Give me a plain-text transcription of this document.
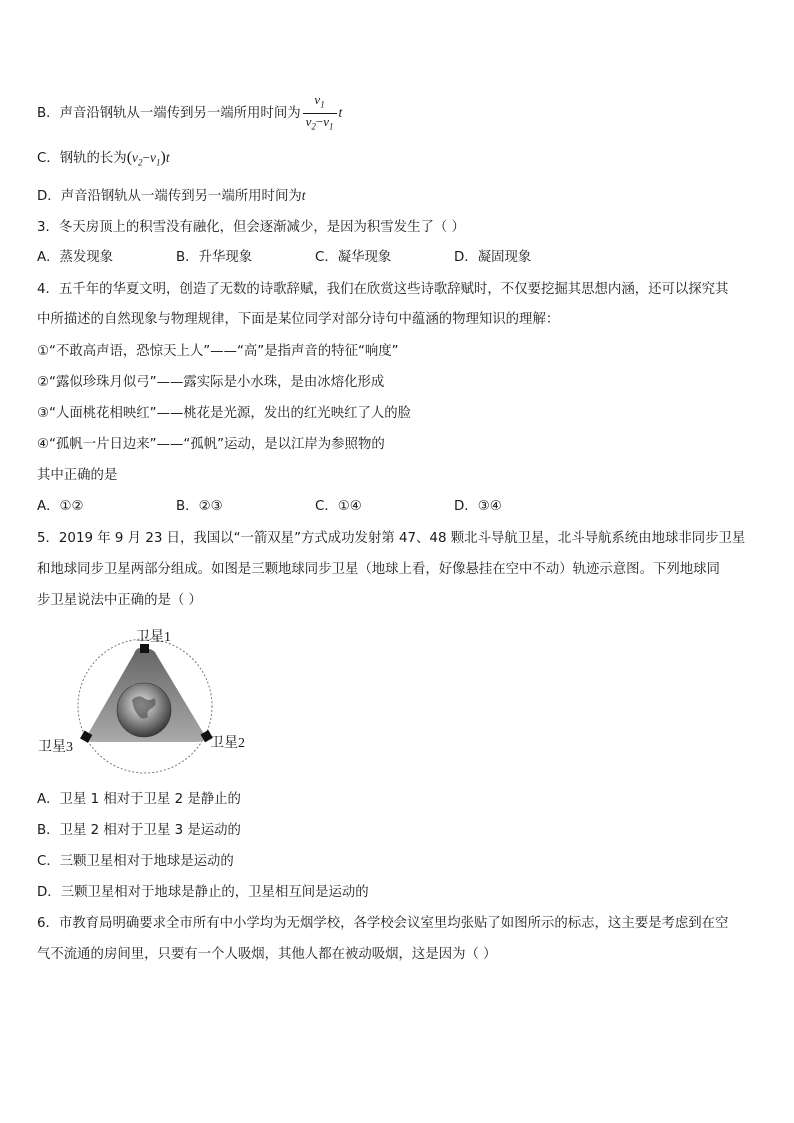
B．声音沿钢轨从一端传到另一端所用时间为 $\frac{v_1}{v_2-v_1}$ t
C．钢轨的长为$(v_2-v_1)t$
D．声音沿钢轨从一端传到另一端所用时间为t
3．冬天房顶上的积雪没有融化，但会逐渐减少，是因为积雪发生了（ ）
A．蒸发现象	B．升华现象	C．凝华现象	D．凝固现象
4．五千年的华夏文明，创造了无数的诗歌辞赋，我们在欣赏这些诗歌辞赋时，不仅要挖掘其思想内涵，还可以探究其
中所描述的自然现象与物理规律，下面是某位同学对部分诗句中蕴涵的物理知识的理解：
①“不敢高声语，恐惊天上人”——“高”是指声音的特征“响度”
②“露似珍珠月似弓”——露实际是小水珠，是由冰熔化形成
③“人面桃花相映红”——桃花是光源，发出的红光映红了人的脸
④“孤帆一片日边来”——“孤帆”运动，是以江岸为参照物的
其中正确的是
A．①②	B．②③	C．①④	D．③④
5．2019 年 9 月 23 日，我国以“一箭双星”方式成功发射第 47、48 颗北斗导航卫星，北斗导航系统由地球非同步卫星
和地球同步卫星两部分组成。如图是三颗地球同步卫星（地球上看，好像悬挂在空中不动）轨迹示意图。下列地球同
步卫星说法中正确的是（ ）
卫星1
卫星2
卫星3
A．卫星 1 相对于卫星 2 是静止的
B．卫星 2 相对于卫星 3 是运动的
C．三颗卫星相对于地球是运动的
D．三颗卫星相对于地球是静止的，卫星相互间是运动的
6．市教育局明确要求全市所有中小学均为无烟学校，各学校会议室里均张贴了如图所示的标志，这主要是考虑到在空
气不流通的房间里，只要有一个人吸烟，其他人都在被动吸烟，这是因为（ ）
